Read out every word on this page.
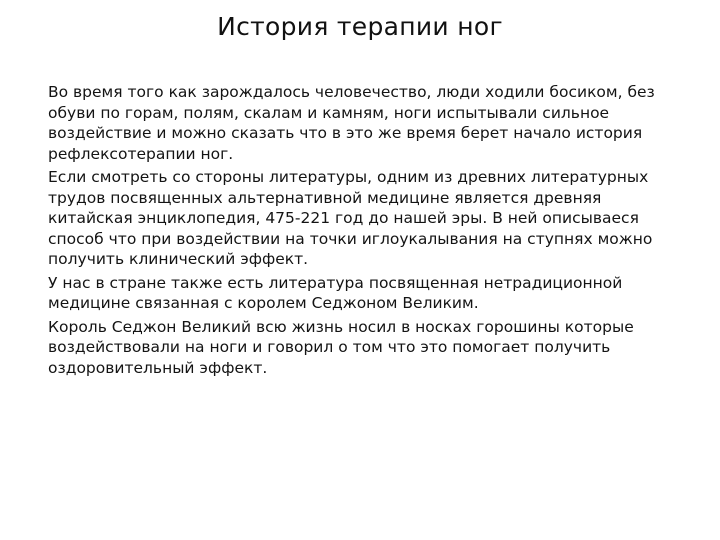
История терапии ног
Во время того как зарождалось человечество, люди ходили босиком, без обуви по горам, полям, скалам и камням, ноги испытывали сильное воздействие и можно сказать что в это же время берет начало история рефлексотерапии ног.
Если смотреть со стороны литературы, одним из древних литературных трудов посвященных альтернативной медицине является древняя китайская энциклопедия, 475-221 год до нашей эры. В ней описываеся способ что при воздействии на точки иглоукалывания на ступнях можно получить клинический эффект.
У нас в стране также есть литература посвященная нетрадиционной медицине связанная с королем Седжоном Великим.
Король Седжон Великий всю жизнь носил в носках горошины которые воздействовали на ноги и говорил о том что это помогает получить оздоровительный эффект.
